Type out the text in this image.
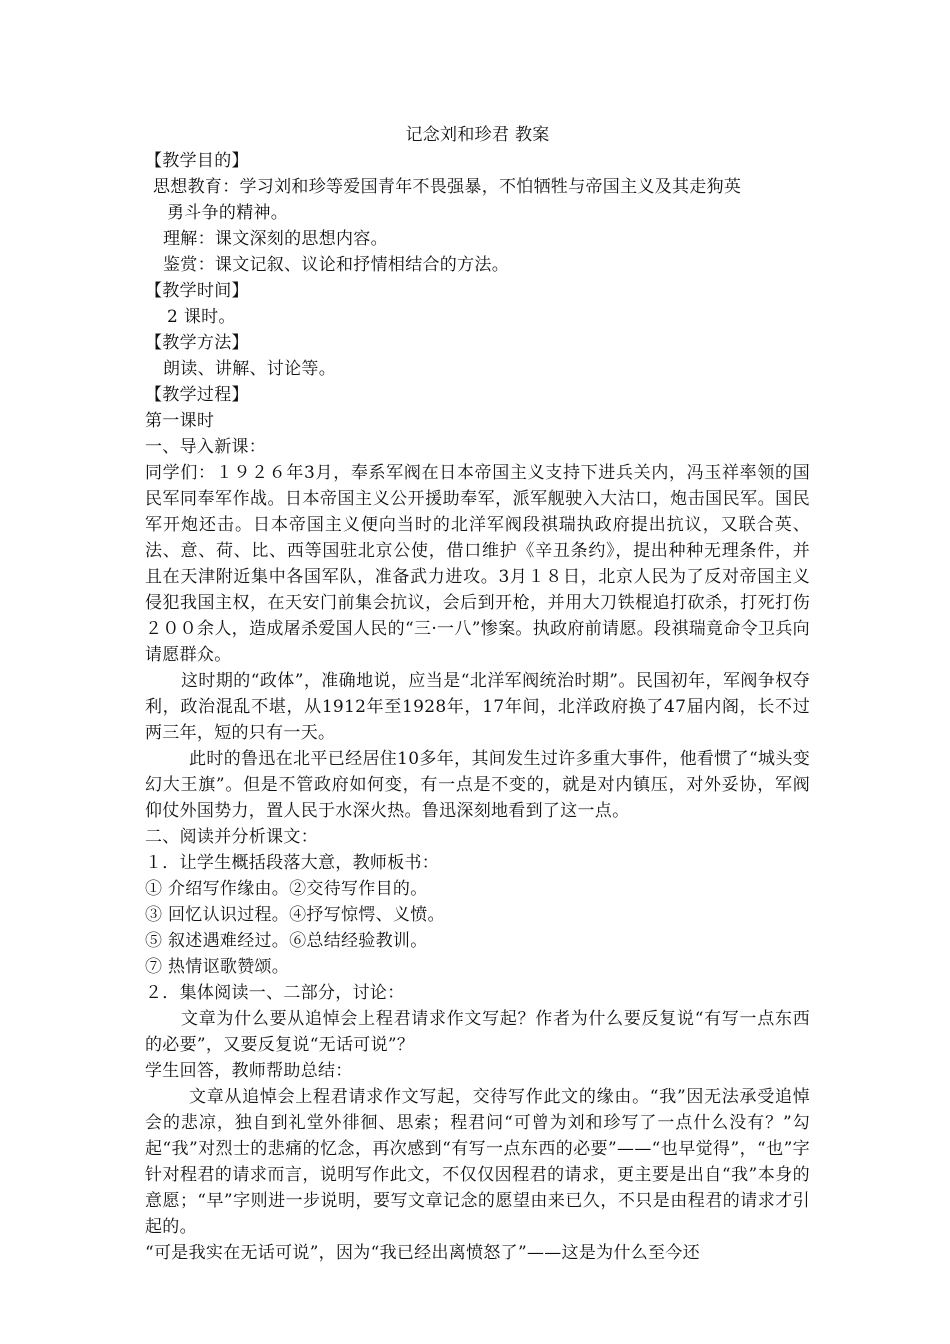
记念刘和珍君 教案

【教学目的】

思想教育：学习刘和珍等爱国青年不畏强暴，不怕牺牲与帝国主义及其走狗英

勇斗争的精神。

理解：课文深刻的思想内容。

鉴赏：课文记叙、议论和抒情相结合的方法。

【教学时间】

2 课时。

【教学方法】

朗读、讲解、讨论等。

【教学过程】

第一课时

一、导入新课：

同学们：１９２６年3月，奉系军阀在日本帝国主义支持下进兵关内，冯玉祥率领的国民军同奉军作战。日本帝国主义公开援助奉军，派军舰驶入大沽口，炮击国民军。国民军开炮还击。日本帝国主义便向当时的北洋军阀段祺瑞执政府提出抗议，又联合英、法、意、荷、比、西等国驻北京公使，借口维护《辛丑条约》，提出种种无理条件，并且在天津附近集中各国军队，准备武力进攻。3月１８日，北京人民为了反对帝国主义侵犯我国主权，在天安门前集会抗议，会后到开枪，并用大刀铁棍追打砍杀，打死打伤２００余人，造成屠杀爱国人民的“三·一八”惨案。执政府前请愿。段祺瑞竟命令卫兵向请愿群众。

这时期的“政体”，准确地说，应当是“北洋军阀统治时期”。民国初年，军阀争权夺利，政治混乱不堪，从1912年至1928年，17年间，北洋政府换了47届内阁，长不过两三年，短的只有一天。

此时的鲁迅在北平已经居住10多年，其间发生过许多重大事件，他看惯了“城头变幻大王旗”。但是不管政府如何变，有一点是不变的，就是对内镇压，对外妥协，军阀仰仗外国势力，置人民于水深火热。鲁迅深刻地看到了这一点。

二、阅读并分析课文：

１．让学生概括段落大意，教师板书：

① 介绍写作缘由。②交待写作目的。

③ 回忆认识过程。④抒写惊愕、义愤。

⑤ 叙述遇难经过。⑥总结经验教训。

⑦ 热情讴歌赞颂。

２．集体阅读一、二部分，讨论：

文章为什么要从追悼会上程君请求作文写起？作者为什么要反复说“有写一点东西的必要”，又要反复说“无话可说”？

学生回答，教师帮助总结：

文章从追悼会上程君请求作文写起，交待写作此文的缘由。“我”因无法承受追悼会的悲凉，独自到礼堂外徘徊、思索；程君问“可曾为刘和珍写了一点什么没有？”勾起“我”对烈士的悲痛的忆念，再次感到“有写一点东西的必要”——“也早觉得”，“也”字针对程君的请求而言，说明写作此文，不仅仅因程君的请求，更主要是出自“我”本身的意愿；“早”字则进一步说明，要写文章记念的愿望由来已久，不只是由程君的请求才引起的。

“可是我实在无话可说”，因为“我已经出离愤怒了”——这是为什么至今还
